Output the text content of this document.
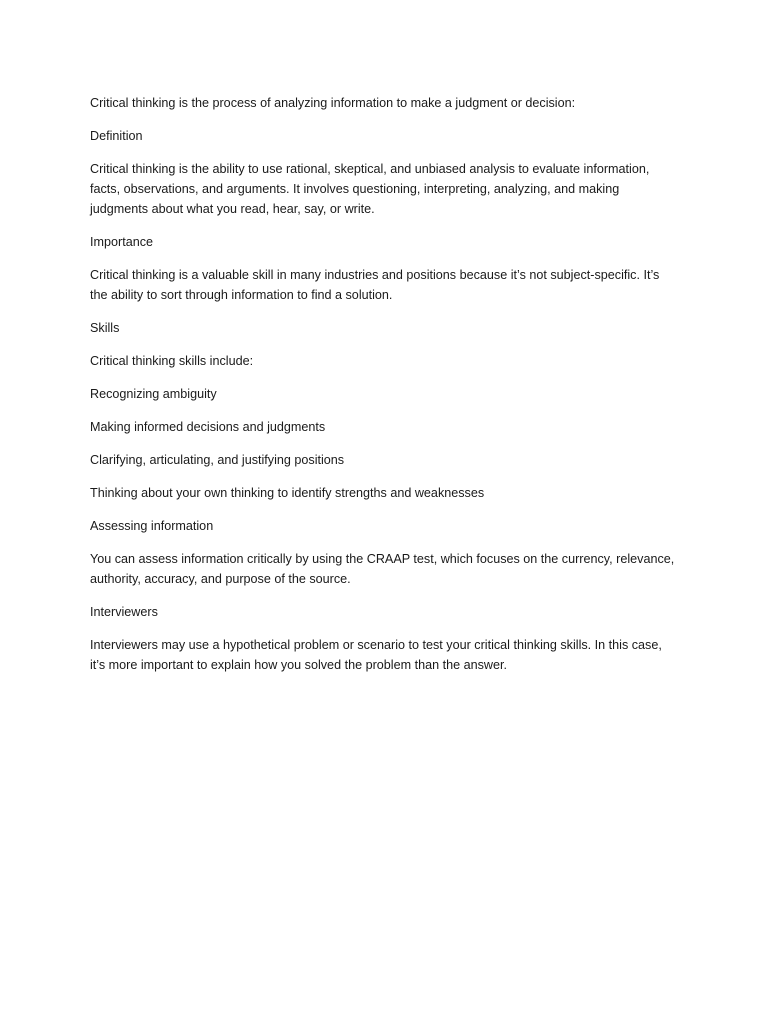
Critical thinking is the process of analyzing information to make a judgment or decision:

Definition

Critical thinking is the ability to use rational, skeptical, and unbiased analysis to evaluate information, facts, observations, and arguments. It involves questioning, interpreting, analyzing, and making judgments about what you read, hear, say, or write.

Importance

Critical thinking is a valuable skill in many industries and positions because it’s not subject-specific. It’s the ability to sort through information to find a solution.

Skills

Critical thinking skills include:

Recognizing ambiguity

Making informed decisions and judgments

Clarifying, articulating, and justifying positions

Thinking about your own thinking to identify strengths and weaknesses

Assessing information

You can assess information critically by using the CRAAP test, which focuses on the currency, relevance, authority, accuracy, and purpose of the source.

Interviewers

Interviewers may use a hypothetical problem or scenario to test your critical thinking skills. In this case, it’s more important to explain how you solved the problem than the answer.
